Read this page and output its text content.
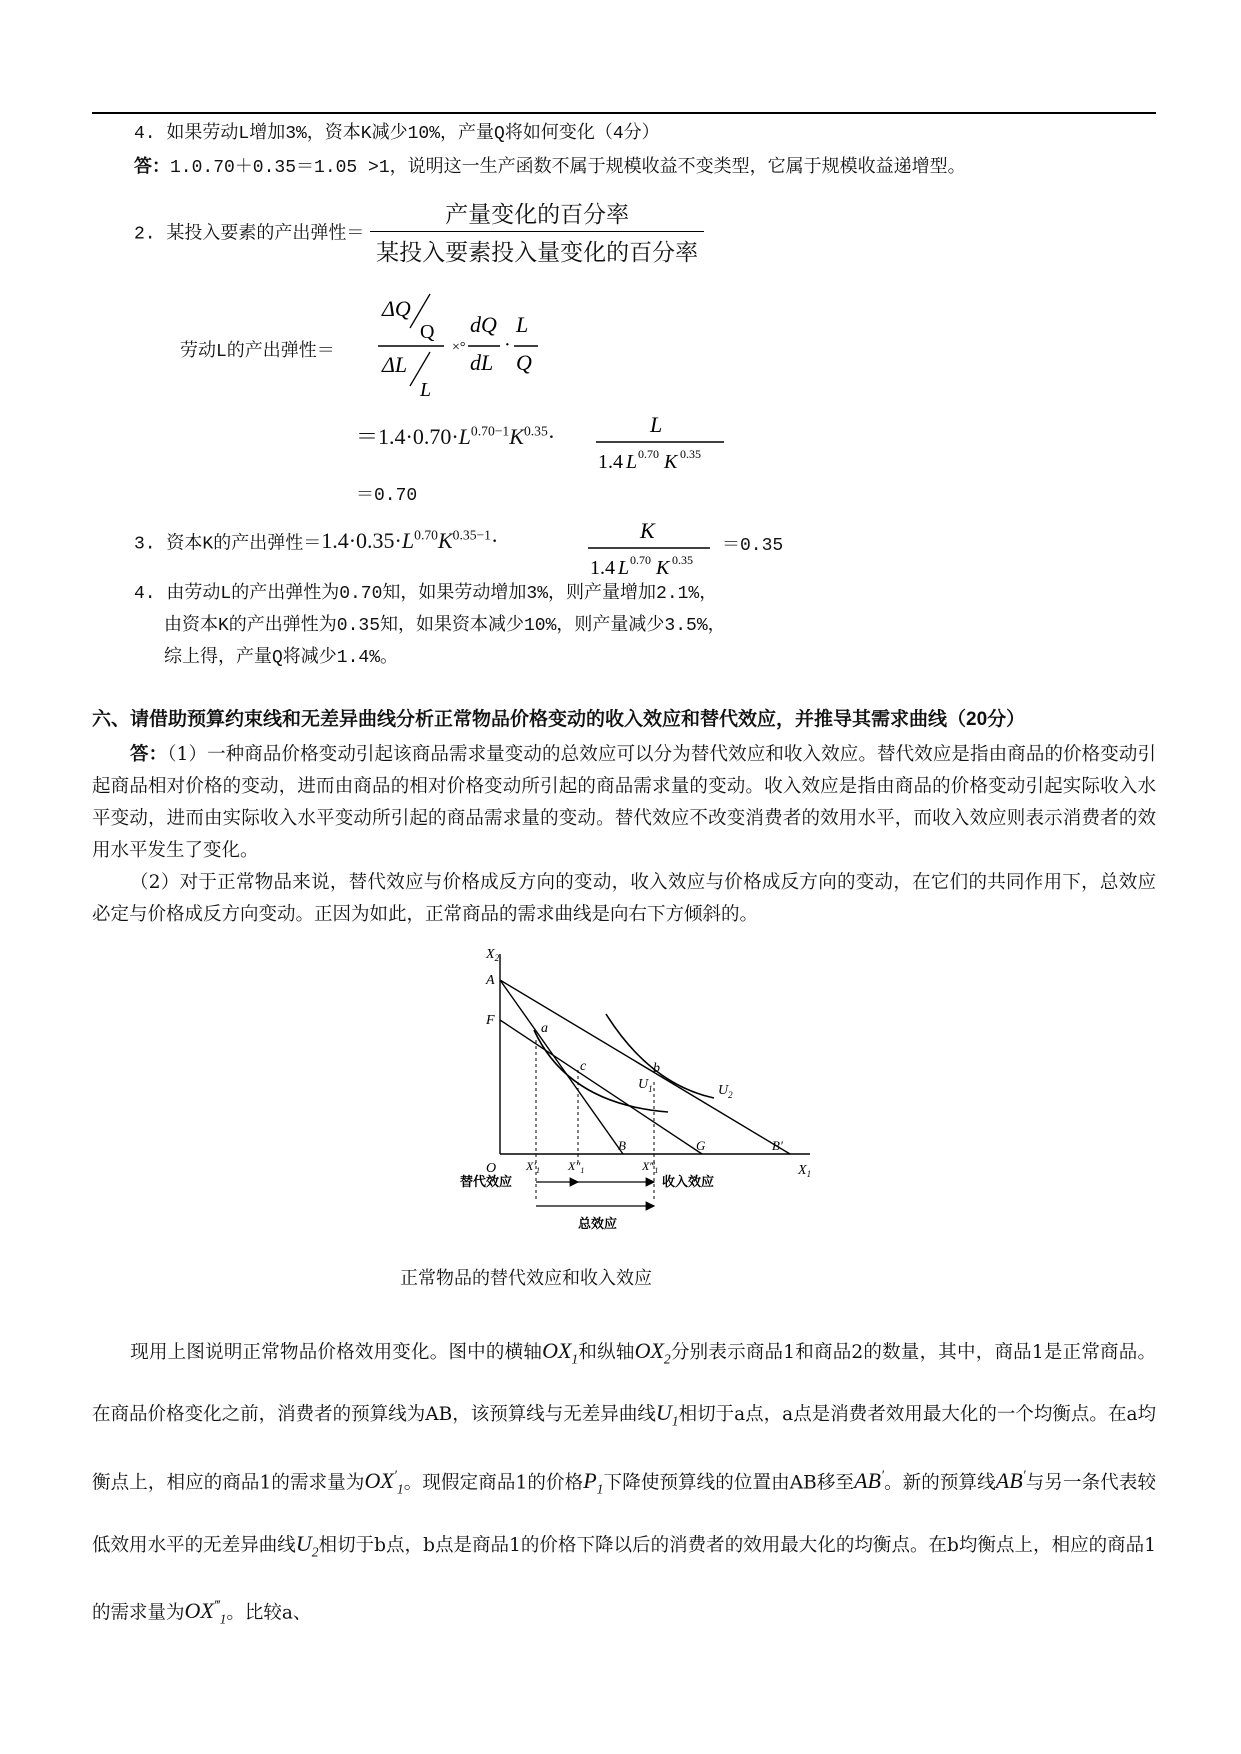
4. 如果劳动L增加3%，资本K减少10%，产量Q将如何变化（4分）
答：1.0.70＋0.35＝1.05 >1，说明这一生产函数不属于规模收益不变类型，它属于规模收益递增型。
2. 某投入要素的产出弹性＝ $\frac{\text{产量变化的百分率}}{\text{某投入要素投入量变化的百分率}}$
劳动L的产出弹性＝
ΔQ
Q
ΔL
L
×°
dQ
dL
·
L
Q
$=1.4\cdot 0.70\cdot L^{0.70-1}K^{0.35}\cdot$	L
1.4 L 0.70 K 0.35
＝0.70
3. 资本K的产出弹性$=1.4\cdot 0.35\cdot L^{0.70}K^{0.35-1}\cdot$	K
1.4 L 0.70 K 0.35
＝0.35
4. 由劳动L的产出弹性为0.70知，如果劳动增加3%，则产量增加2.1%，
由资本K的产出弹性为0.35知，如果资本减少10%，则产量减少3.5%，
综上得，产量Q将减少1.4%。
六、请借助预算约束线和无差异曲线分析正常物品价格变动的收入效应和替代效应，并推导其需求曲线（20分）

答：（1）一种商品价格变动引起该商品需求量变动的总效应可以分为替代效应和收入效应。替代效应是指由商品的价格变动引起商品相对价格的变动，进而由商品的相对价格变动所引起的商品需求量的变动。收入效应是指由商品的价格变动引起实际收入水平变动，进而由实际收入水平变动所引起的商品需求量的变动。替代效应不改变消费者的效用水平，而收入效应则表示消费者的效用水平发生了变化。

（2）对于正常物品来说，替代效应与价格成反方向的变动，收入效应与价格成反方向的变动，在它们的共同作用下，总效应必定与价格成反方向变动。正因为如此，正常商品的需求曲线是向右下方倾斜的。

$X_2$
A
F
O
a
c	b
$U_1$	$U_2$
B	G	B′
$X_1$
$X'_1$ $X''_1$	$X‴_1$
替代效应	收入效应
总效应
正常物品的替代效应和收入效应
现用上图说明正常物品价格效用变化。图中的横轴$OX_1$和纵轴$OX_2$分别表示商品1和商品2的数量，其中，商品1是正常商品。在商品价格变化之前，消费者的预算线为AB，该预算线与无差异曲线$U_1$相切于a点，a点是消费者效用最大化的一个均衡点。在a均衡点上，相应的商品1的需求量为$OX'_1$。现假定商品1的价格$P_1$下降使预算线的位置由AB移至AB′。新的预算线AB′与另一条代表较低效用水平的无差异曲线$U_2$相切于b点，b点是商品1的价格下降以后的消费者的效用最大化的均衡点。在b均衡点上，相应的商品1的需求量为$OX^‴_1$。比较a、
